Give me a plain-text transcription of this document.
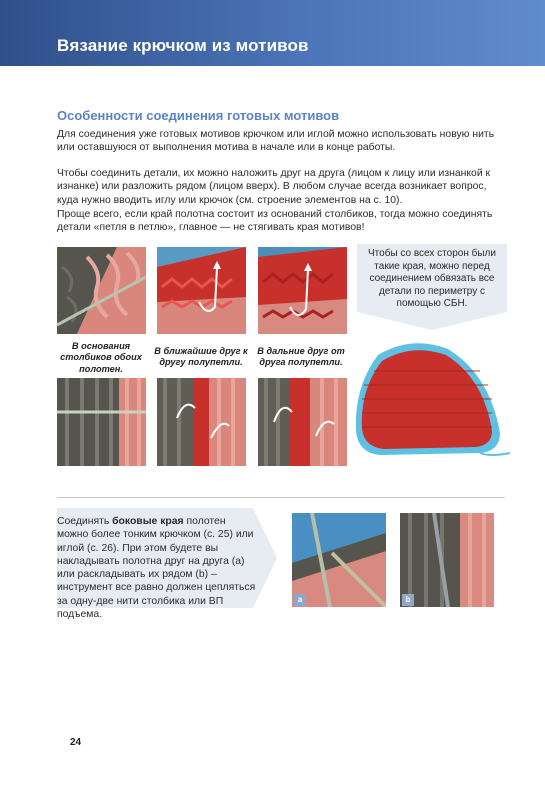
Вязание крючком из мотивов
Особенности соединения готовых мотивов
Для соединения уже готовых мотивов крючком или иглой можно использовать новую нить или оставшуюся от выполнения мотива в начале или в конце работы.
Чтобы соединить детали, их можно наложить друг на друга (лицом к лицу или изнанкой к изнанке) или разложить рядом (лицом вверх). В любом случае всегда возникает вопрос, куда нужно вводить иглу или крючок (см. строение элементов на с. 10).
Проще всего, если край полотна состоит из оснований столбиков, тогда можно соединять детали «петля в петлю», главное — не стягивать края мотивов!
В основания столбиков обоих полотен.
В ближайшие друг к другу полупетли.
В дальние друг от друга полупетли.
Чтобы со всех сторон были такие края, можно перед соединением обвязать все детали по периметру с помощью СБН.
Соединять боковые края полотен можно более тонким крючком (с. 25) или иглой (с. 26). При этом будете вы накладывать полотна друг на друга (а) или раскладывать их рядом (b) – инструмент все равно должен цепляться за одну-две нити столбика или ВП подъема.
a	b
24
